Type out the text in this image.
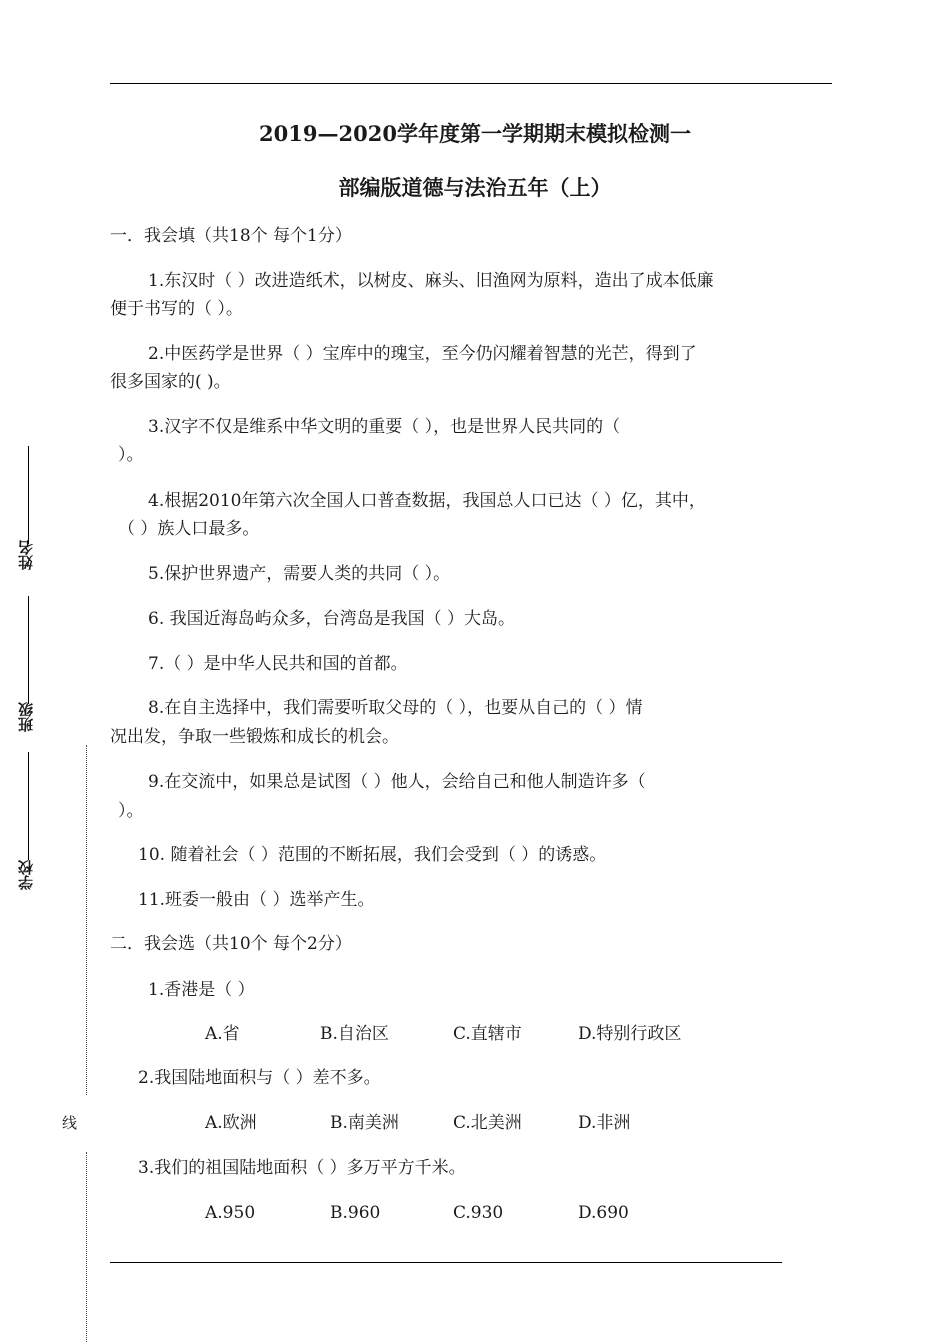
2019—2020学年度第一学期期末模拟检测一
部编版道德与法治五年（上）
姓名
班级
学校
线
一．我会填（共18个 每个1分）
1.东汉时（ ）改进造纸术，以树皮、麻头、旧渔网为原料，造出了成本低廉
便于书写的（ ）。
2.中医药学是世界（ ）宝库中的瑰宝，至今仍闪耀着智慧的光芒，得到了
很多国家的( )。
3.汉字不仅是维系中华文明的重要（ ），也是世界人民共同的（
）。
4.根据2010年第六次全国人口普查数据，我国总人口已达（ ）亿，其中，
（ ）族人口最多。
5.保护世界遗产，需要人类的共同（ ）。
6. 我国近海岛屿众多，台湾岛是我国（ ）大岛。
7.（ ）是中华人民共和国的首都。
8.在自主选择中，我们需要听取父母的（ ），也要从自己的（ ）情
况出发，争取一些锻炼和成长的机会。
9.在交流中，如果总是试图（ ）他人，会给自己和他人制造许多（
）。
10. 随着社会（ ）范围的不断拓展，我们会受到（ ）的诱惑。
11.班委一般由（ ）选举产生。
二．我会选（共10个 每个2分）
1.香港是（ ）
A.省	B.自治区	C.直辖市	D.特别行政区
2.我国陆地面积与（ ）差不多。
A.欧洲	B.南美洲	C.北美洲	D.非洲
3.我们的祖国陆地面积（ ）多万平方千米。
A.950	B.960	C.930	D.690
